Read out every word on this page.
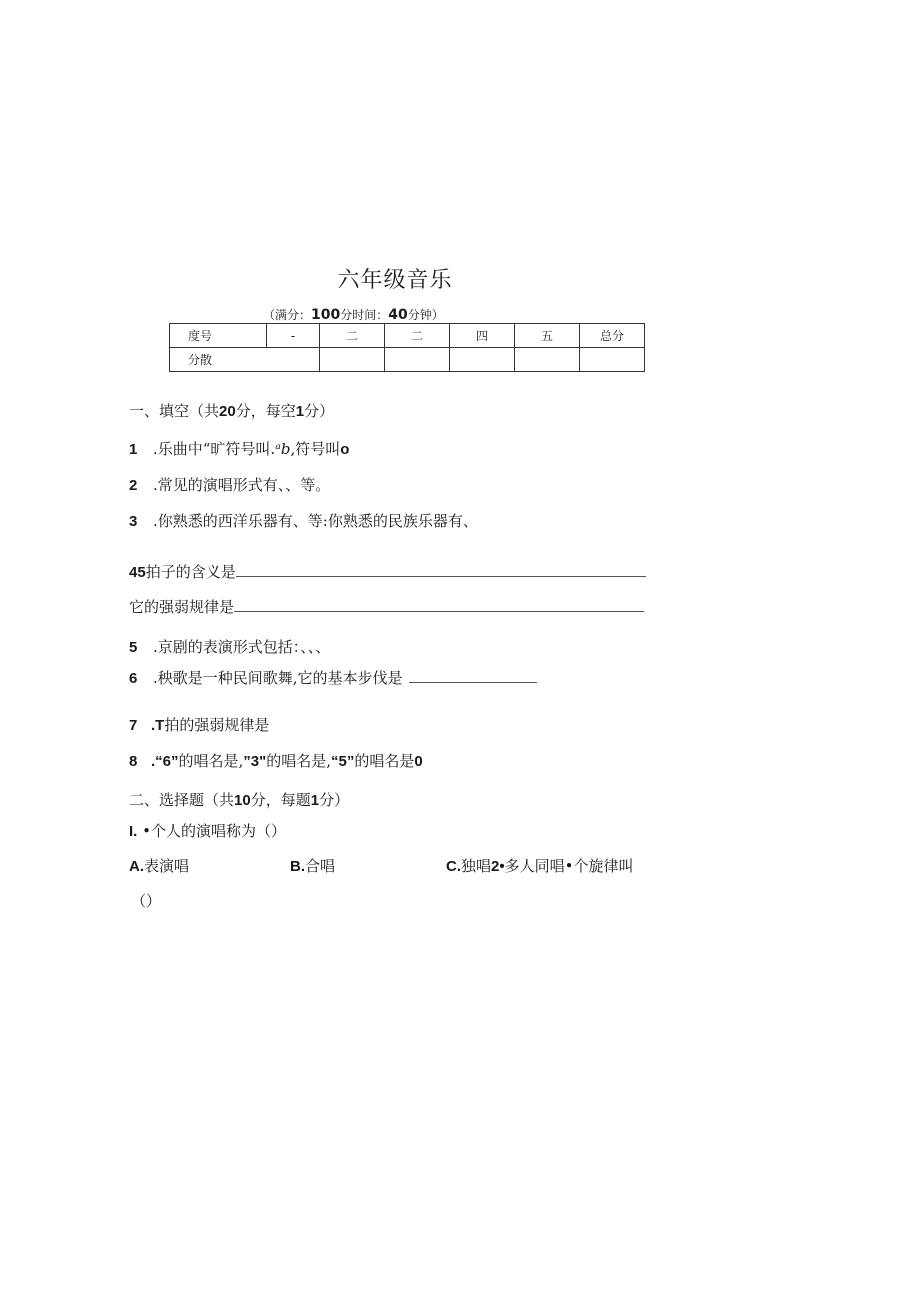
六年级音乐
（满分：100分时间：40分钟）
度号	-	二	二	四	五	总分
分散						
一、填空（共20分，每空1分）
1 .乐曲中“旷符号叫.ᵃb,符号叫o
2 .常见的演唱形式有、、等。
3 .你熟悉的西洋乐器有、等:你熟悉的民族乐器有、
45拍子的含义是
它的强弱规律是
5 .京剧的表演形式包括：、、、
6 .秧歌是一种民间歌舞,它的基本步伐是
7 .T拍的强弱规律是
8 .“6”的唱名是,”3"的唱名是,“5”的唱名是0
二、选择题（共10分，每题1分）
I. •个人的演唱称为（）
A.表演唱	B.合唱	C.独唱2•多人同唱•个旋律叫
（）
